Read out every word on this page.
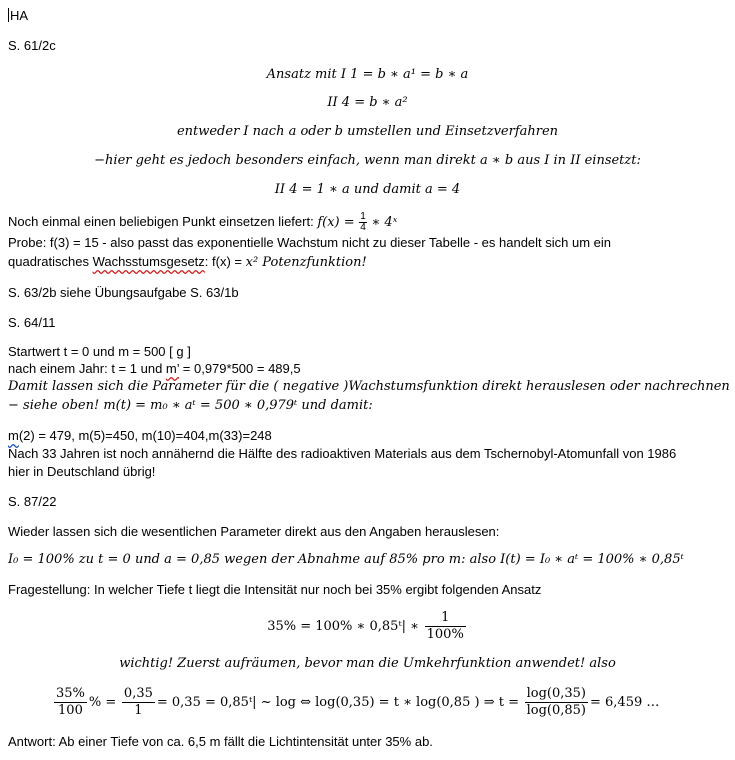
HA
S. 61/2c
Ansatz mit I 1 = b ∗ a¹ = b ∗ a
II 4 = b ∗ a²
entweder I nach a oder b umstellen und Einsetzverfahren
−hier geht es jedoch besonders einfach, wenn man direkt a ∗ b aus I in II einsetzt:
II 4 = 1 ∗ a und damit a = 4
Noch einmal einen beliebigen Punkt einsetzen liefert: $f(x) = \frac{1}{4}$ ∗ 4ˣ
Probe: f(3) = 15 - also passt das exponentielle Wachstum nicht zu dieser Tabelle - es handelt sich um ein
quadratisches Wachsstumsgesetz: f(x) = x² Potenzfunktion!
S. 63/2b siehe Übungsaufgabe S. 63/1b
S. 64/11
Startwert t = 0 und m = 500 [ g ]
nach einem Jahr: t = 1 und m’ = 0,979*500 = 489,5
Damit lassen sich die Parameter für die ( negative )Wachstumsfunktion direkt herauslesen oder nachrechnen
− siehe oben! m(t) = m₀ ∗ aᵗ = 500 ∗ 0,979ᵗ und damit:
m(2) = 479, m(5)=450, m(10)=404,m(33)=248
Nach 33 Jahren ist noch annähernd die Hälfte des radioaktiven Materials aus dem Tschernobyl-Atomunfall von 1986
hier in Deutschland übrig!
S. 87/22
Wieder lassen sich die wesentlichen Parameter direkt aus den Angaben herauslesen:
I₀ = 100% zu t = 0 und a = 0,85 wegen der Abnahme auf 85% pro m: also I(t) = I₀ ∗ aᵗ = 100% ∗ 0,85ᵗ
Fragestellung: In welcher Tiefe t liegt die Intensität nur noch bei 35% ergibt folgenden Ansatz
35% = 100% ∗ 0,85ᵗ| ∗ $\frac{1}{100\%}$
wichtig! Zuerst aufräumen, bevor man die Umkehrfunktion anwendet! also
$\frac{35\%}{100}$ % = $\frac{0,35}{1} = 0,35$ = 0,85ᵗ| ~ log ⇔ log(0,35) = t ∗ log(0,85 ) ⇒ $t = \frac{\log(0,35)}{\log(0,85)} = 6,459$ …
Antwort: Ab einer Tiefe von ca. 6,5 m fällt die Lichtintensität unter 35% ab.
